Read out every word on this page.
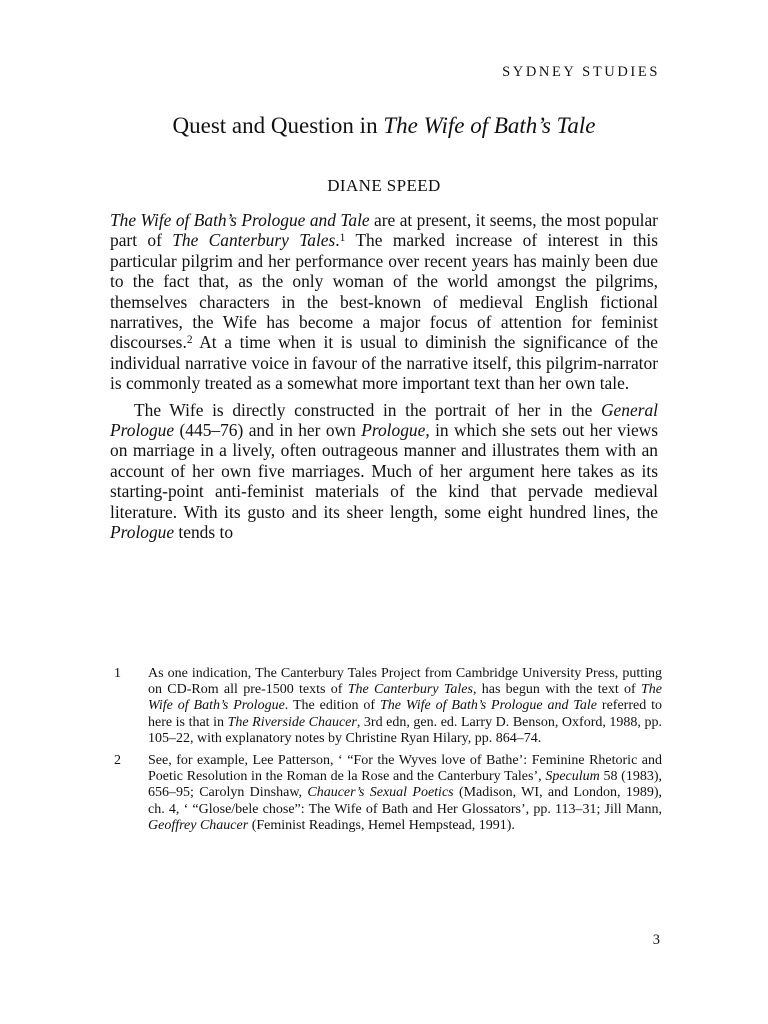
SYDNEY STUDIES
Quest and Question in The Wife of Bath’s Tale
DIANE SPEED

The Wife of Bath’s Prologue and Tale are at present, it seems, the most popular part of The Canterbury Tales.$^1$ The marked increase of interest in this particular pilgrim and her performance over recent years has mainly been due to the fact that, as the only woman of the world amongst the pilgrims, themselves characters in the best-known of medieval English fictional narratives, the Wife has become a major focus of attention for feminist discourses.$^2$ At a time when it is usual to diminish the significance of the individual narrative voice in favour of the narrative itself, this pilgrim-narrator is commonly treated as a somewhat more important text than her own tale.

The Wife is directly constructed in the portrait of her in the General Prologue (445–76) and in her own Prologue, in which she sets out her views on marriage in a lively, often outrageous manner and illustrates them with an account of her own five marriages. Much of her argument here takes as its starting-point anti-feminist materials of the kind that pervade medieval literature. With its gusto and its sheer length, some eight hundred lines, the Prologue tends to

1 As one indication, The Canterbury Tales Project from Cambridge University Press, putting on CD-Rom all pre-1500 texts of The Canterbury Tales, has begun with the text of The Wife of Bath’s Prologue. The edition of The Wife of Bath’s Prologue and Tale referred to here is that in The Riverside Chaucer, 3rd edn, gen. ed. Larry D. Benson, Oxford, 1988, pp. 105–22, with explanatory notes by Christine Ryan Hilary, pp. 864–74.
2 See, for example, Lee Patterson, ‘ “For the Wyves love of Bathe’: Feminine Rhetoric and Poetic Resolution in the Roman de la Rose and the Canterbury Tales’, Speculum 58 (1983), 656–95; Carolyn Dinshaw, Chaucer’s Sexual Poetics (Madison, WI, and London, 1989), ch. 4, ‘ “Glose/bele chose”: The Wife of Bath and Her Glossators’, pp. 113–31; Jill Mann, Geoffrey Chaucer (Feminist Readings, Hemel Hempstead, 1991).
3
